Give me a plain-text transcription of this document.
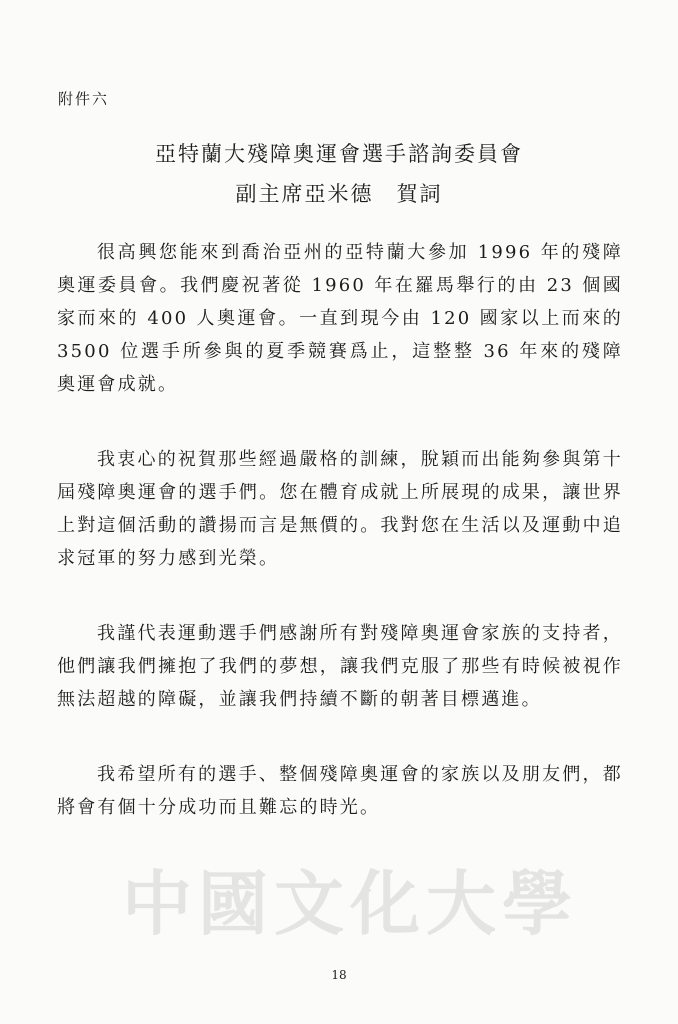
附件六
亞特蘭大殘障奧運會選手諮詢委員會
副主席亞米德　賀詞

很高興您能來到喬治亞州的亞特蘭大參加 1996 年的殘障奧運委員會。我們慶祝著從 1960 年在羅馬舉行的由 23 個國家而來的 400 人奧運會。一直到現今由 120 國家以上而來的 3500 位選手所參與的夏季競賽爲止，這整整 36 年來的殘障奧運會成就。

我衷心的祝賀那些經過嚴格的訓練，脫穎而出能夠參與第十屆殘障奧運會的選手們。您在體育成就上所展現的成果，讓世界上對這個活動的讚揚而言是無價的。我對您在生活以及運動中追求冠軍的努力感到光榮。

我謹代表運動選手們感謝所有對殘障奧運會家族的支持者，他們讓我們擁抱了我們的夢想，讓我們克服了那些有時候被視作無法超越的障礙，並讓我們持續不斷的朝著目標邁進。

我希望所有的選手、整個殘障奧運會的家族以及朋友們，都將會有個十分成功而且難忘的時光。

中國文化大學
18
